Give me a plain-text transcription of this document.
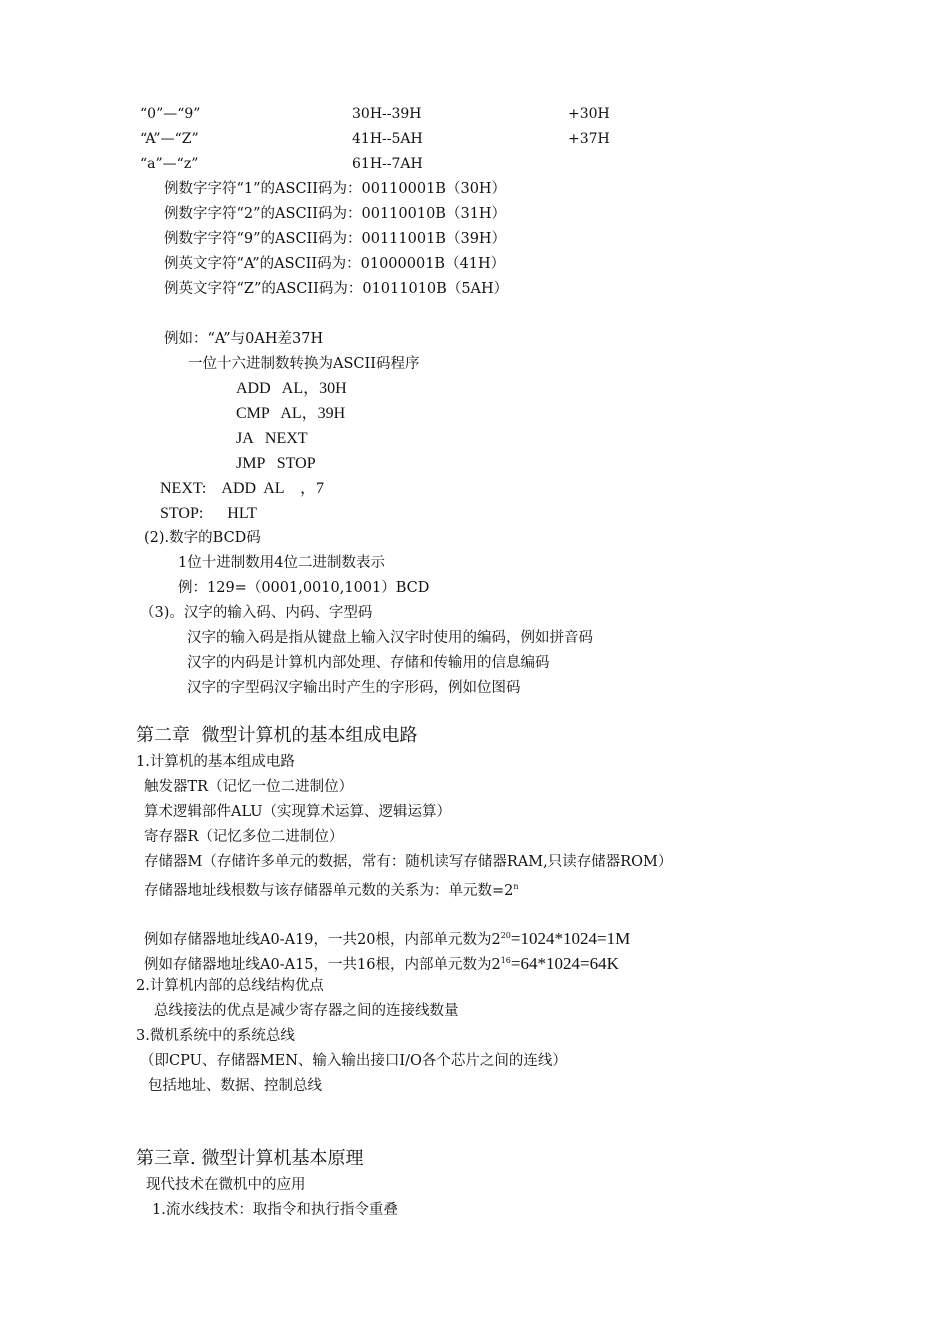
“0”—“9”	30H--39H	+30H
“A”—“Z”	41H--5AH	+37H
“a”—“z”	61H--7AH
例数字字符“1”的ASCII码为：00110001B（30H）
例数字字符“2”的ASCII码为：00110010B（31H）
例数字字符“9”的ASCII码为：00111001B（39H）
例英文字符“A”的ASCII码为：01000001B（41H）
例英文字符“Z”的ASCII码为：01011010B（5AH）
例如：“A”与0AH差37H
一位十六进制数转换为ASCII码程序
ADD   AL，30H
CMP   AL，39H
JA   NEXT
JMP   STOP
NEXT:    ADD  AL    ，7
STOP:      HLT
(2).数字的BCD码
1位十进制数用4位二进制数表示
例：129=（0001,0010,1001）BCD
（3)。汉字的输入码、内码、字型码
汉字的输入码是指从键盘上输入汉字时使用的编码，例如拼音码
汉字的内码是计算机内部处理、存储和传输用的信息编码
汉字的字型码汉字输出时产生的字形码，例如位图码
第二章  微型计算机的基本组成电路
1.计算机的基本组成电路
触发器TR（记忆一位二进制位）
算术逻辑部件ALU（实现算术运算、逻辑运算）
寄存器R（记忆多位二进制位）
存储器M（存储许多单元的数据，常有：随机读写存储器RAM,只读存储器ROM）
存储器地址线根数与该存储器单元数的关系为：单元数$=2^n$
例如存储器地址线A0-A19，一共20根，内部单元数为$2^{20}=1024*1024=1M$
例如存储器地址线A0-A15，一共16根，内部单元数为$2^{16}=64*1024=64K$
2.计算机内部的总线结构优点
总线接法的优点是减少寄存器之间的连接线数量
3.微机系统中的系统总线
（即CPU、存储器MEN、输入输出接口I/O各个芯片之间的连线）
包括地址、数据、控制总线
第三章. 微型计算机基本原理
现代技术在微机中的应用
1.流水线技术：取指令和执行指令重叠
